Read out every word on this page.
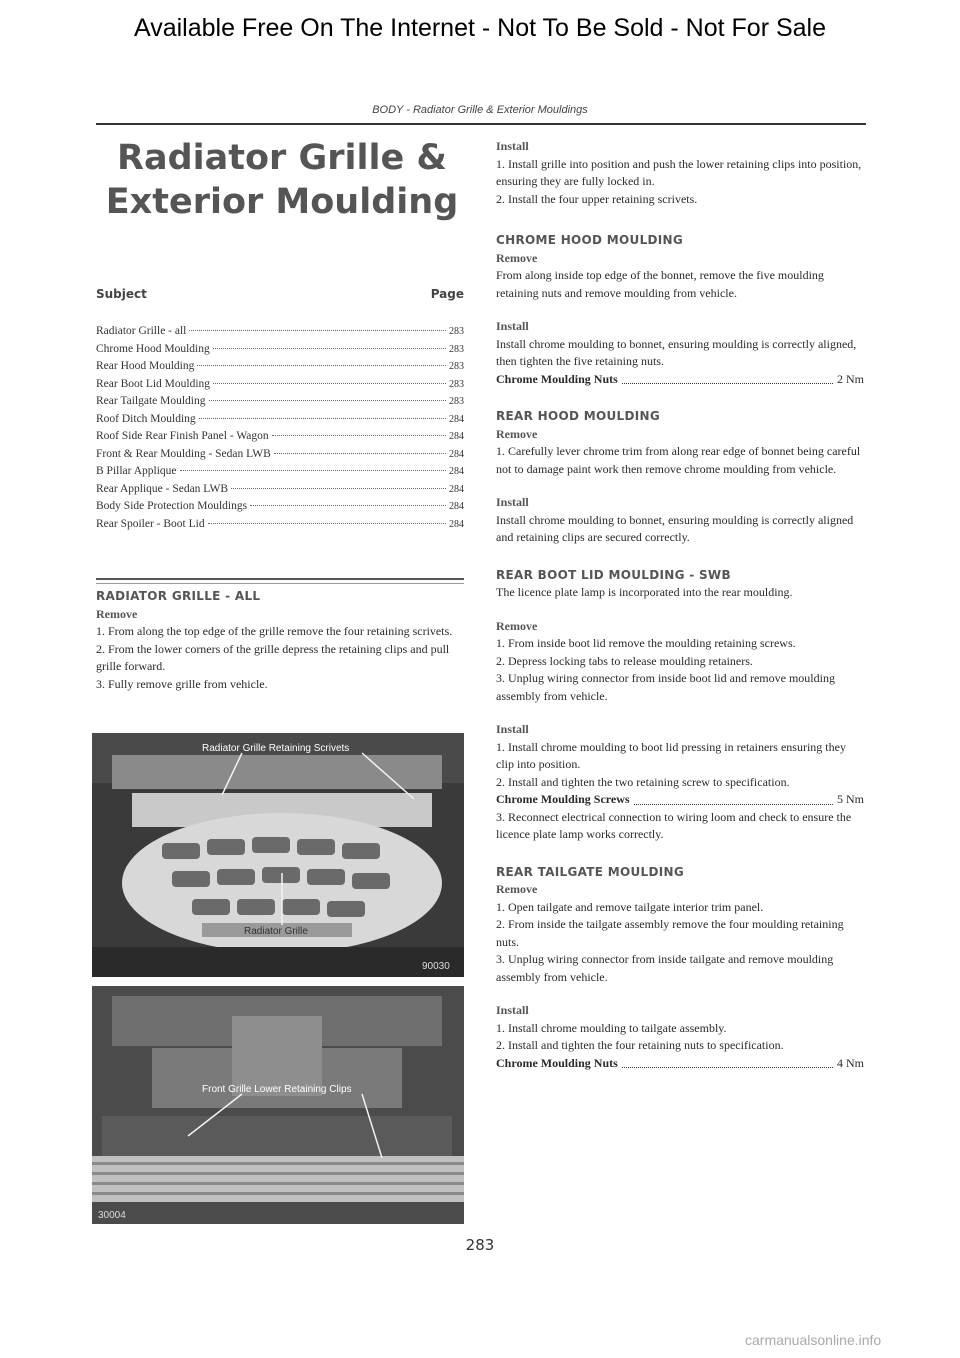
Available Free On The Internet - Not To Be Sold - Not For Sale
BODY - Radiator Grille & Exterior Mouldings
Radiator Grille &
Exterior Moulding
Subject	Page
Radiator Grille - all	283
Chrome Hood Moulding	283
Rear Hood Moulding	283
Rear Boot Lid Moulding	283
Rear Tailgate Moulding	283
Roof Ditch Moulding	284
Roof Side Rear Finish Panel - Wagon	284
Front & Rear Moulding - Sedan LWB	284
B Pillar Applique	284
Rear Applique - Sedan LWB	284
Body Side Protection Mouldings	284
Rear Spoiler - Boot Lid	284
RADIATOR GRILLE - ALL
Remove

1. From along the top edge of the grille remove the four retaining scrivets.

2. From the lower corners of the grille depress the retaining clips and pull grille forward.

3. Fully remove grille from vehicle.

Radiator Grille Retaining Scrivets
Radiator Grille
90030
Front Grille Lower Retaining Clips
30004
Install

1. Install grille into position and push the lower retaining clips into position, ensuring they are fully locked in.

2. Install the four upper retaining scrivets.

CHROME HOOD MOULDING
Remove

From along inside top edge of the bonnet, remove the five moulding retaining nuts and remove moulding from vehicle.

Install

Install chrome moulding to bonnet, ensuring moulding is correctly aligned, then tighten the five retaining nuts.

Chrome Moulding Nuts	2 Nm
REAR HOOD MOULDING
Remove

1. Carefully lever chrome trim from along rear edge of bonnet being careful not to damage paint work then remove chrome moulding from vehicle.

Install

Install chrome moulding to bonnet, ensuring moulding is correctly aligned and retaining clips are secured correctly.

REAR BOOT LID MOULDING - SWB

The licence plate lamp is incorporated into the rear moulding.

Remove

1. From inside boot lid remove the moulding retaining screws.

2. Depress locking tabs to release moulding retainers.

3. Unplug wiring connector from inside boot lid and remove moulding assembly from vehicle.

Install

1. Install chrome moulding to boot lid pressing in retainers ensuring they clip into position.

2. Install and tighten the two retaining screw to specification.

Chrome Moulding Screws	5 Nm

3. Reconnect electrical connection to wiring loom and check to ensure the licence plate lamp works correctly.

REAR TAILGATE MOULDING
Remove

1. Open tailgate and remove tailgate interior trim panel.

2. From inside the tailgate assembly remove the four moulding retaining nuts.

3. Unplug wiring connector from inside tailgate and remove moulding assembly from vehicle.

Install

1. Install chrome moulding to tailgate assembly.

2. Install and tighten the four retaining nuts to specification.

Chrome Moulding Nuts	4 Nm
283
carmanualsonline.info
